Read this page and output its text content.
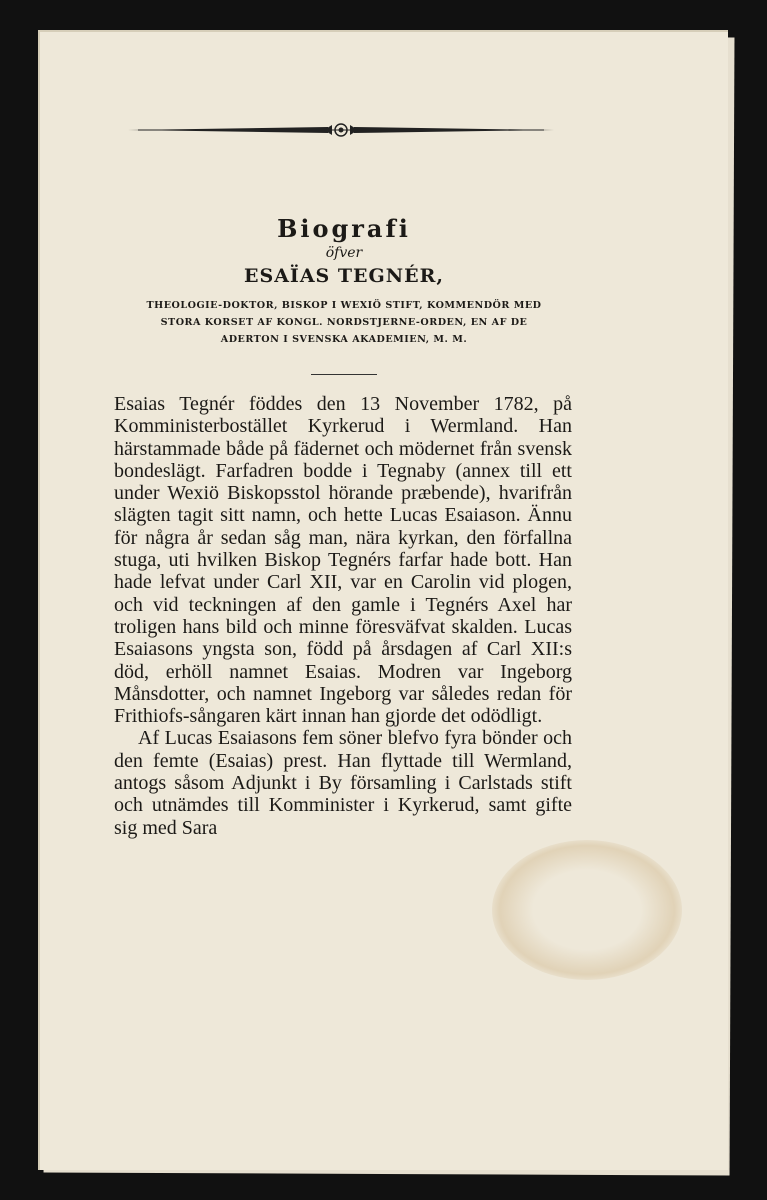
Biografi

öfver

ESAÏAS TEGNÉR,

THEOLOGIE-DOKTOR, BISKOP I WEXIÖ STIFT, KOMMENDÖR MED
STORA KORSET AF KONGL. NORDSTJERNE-ORDEN, EN AF DE
ADERTON I SVENSKA AKADEMIEN, M. M.

Esaias Tegnér föddes den 13 November 1782, på Komministerbostället Kyrkerud i Wermland. Han härstammade både på fädernet och mödernet från svensk bondeslägt. Farfadren bodde i Tegnaby (annex till ett under Wexiö Biskopsstol hörande præbende), hvarifrån slägten tagit sitt namn, och hette Lucas Esaiason. Ännu för några år sedan såg man, nära kyrkan, den förfallna stuga, uti hvilken Biskop Tegnérs farfar hade bott. Han hade lefvat under Carl XII, var en Carolin vid plogen, och vid teckningen af den gamle i Tegnérs Axel har troligen hans bild och minne föresväfvat skalden. Lucas Esaiasons yngsta son, född på årsdagen af Carl XII:s död, erhöll namnet Esaias. Modren var Ingeborg Månsdotter, och namnet Ingeborg var således redan för Frithiofs-sångaren kärt innan han gjorde det odödligt.

Af Lucas Esaiasons fem söner blefvo fyra bönder och den femte (Esaias) prest. Han flyttade till Wermland, antogs såsom Adjunkt i By församling i Carlstads stift och utnämdes till Komminister i Kyrkerud, samt gifte sig med Sara
